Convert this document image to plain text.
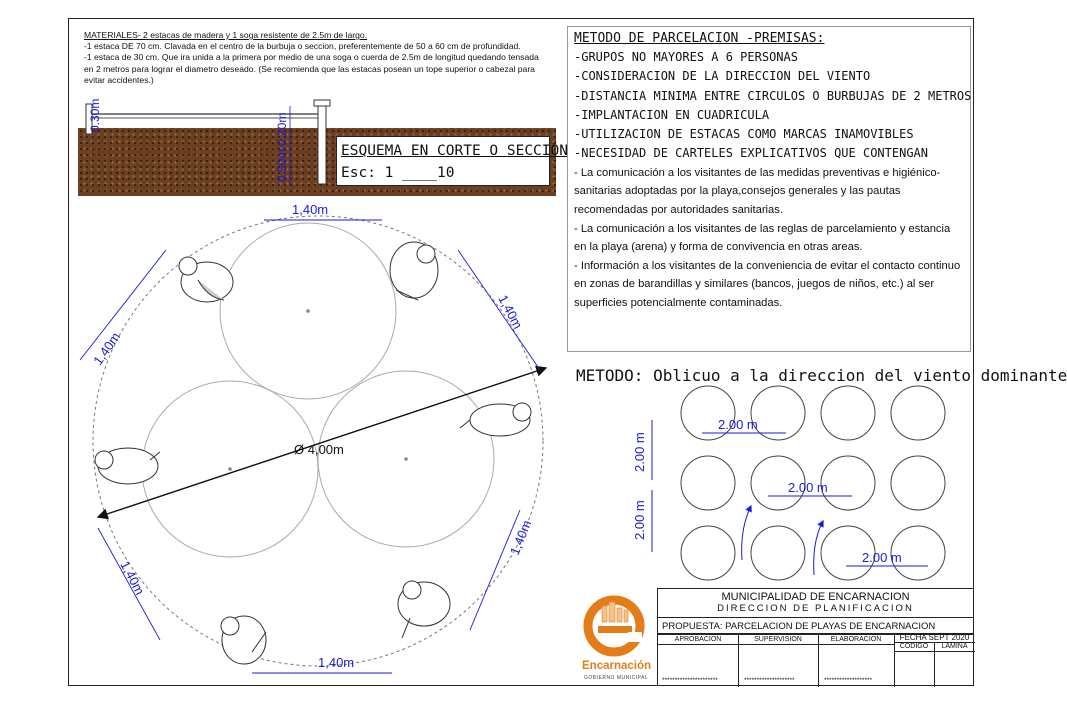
MATERIALES- 2 estacas de madera y 1 soga resistente de 2.5m de largo.
-1 estaca DE 70 cm. Clavada en el centro de la burbuja o seccion, preferentemente de 50 a 60 cm de profundidad.
-1 estaca de 30 cm. Que ira unida a la primera por medio de una soga o cuerda de 2.5m de longitud quedando tensada
en 2 metros para lograr el diametro deseado. (Se recomienda que las estacas posean un tope superior o cabezal para
evitar accidentes.)
0.30m	0.20m
0.50m	ESQUEMA EN CORTE O SECCIÓN
Esc: 1 ____10
METODO DE PARCELACION -PREMISAS:
-GRUPOS NO MAYORES A 6 PERSONAS
-CONSIDERACION DE LA DIRECCION DEL VIENTO
-DISTANCIA MINIMA ENTRE CIRCULOS O BURBUJAS DE 2 METROS
-IMPLANTACION EN CUADRICULA
-UTILIZACION DE ESTACAS COMO MARCAS INAMOVIBLES
-NECESIDAD DE CARTELES EXPLICATIVOS QUE CONTENGAN
- La comunicación a los visitantes de las medidas preventivas e higiénico-sanitarias adoptadas por la playa,consejos generales y las pautas recomendadas por autoridades sanitarias.
- La comunicación a los visitantes de las reglas de parcelamiento y estancia en la playa (arena) y forma de convivencia en otras areas.
- Información a los visitantes de la conveniencia de evitar el contacto continuo en zonas de barandillas y similares (bancos, juegos de niños, etc.) al ser superficies potencialmente contaminadas.
Ø 4,00m
1,40m
1,40m
1,40m
1,40m
1,40m
1,40m
METODO: Oblicuo a la direccion del viento dominante
2.00 m
2.00 m
2.00 m
2.00 m
2.00 m
Encarnación
GOBIERNO MUNICIPAL
MUNICIPALIDAD DE ENCARNACION
DIRECCION DE PLANIFICACION
PROPUESTA: PARCELACION DE PLAYAS DE ENCARNACION
APROBACION	SUPERVISION	ELABORACION	FECHA SEPT 2020
CODIGO	LAMINA
**********************	********************	*******************
